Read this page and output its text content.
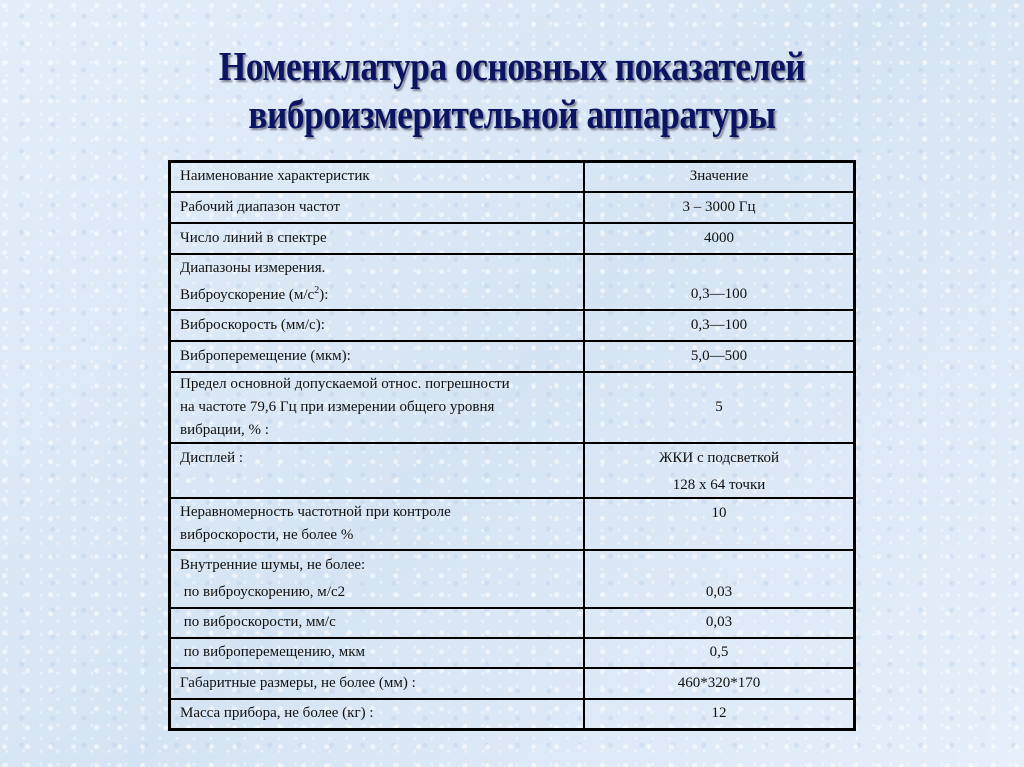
Номенклатура основных показателей
виброизмерительной аппаратуры
Наименование характеристик	Значение
Рабочий диапазон частот	3 – 3000 Гц
Число линий в спектре	4000

Диапазоны измерения.
Виброускорение $(м/с^2)$:	0,3—100
Виброскорость (мм/с):	0,3—100
Виброперемещение (мкм):	5,0—500

Предел основной допускаемой относ. погрешности
на частоте 79,6 Гц при измерении общего уровня
вибрации, % :	5
Дисплей :	ЖКИ с подсветкой
128 х 64 точки

Неравномерность частотной при контроле
виброскорости, не более %	10

Внутренние шумы, не более:
по виброускорению, м/с2	0,03
по виброскорости, мм/с	0,03
по виброперемещению, мкм	0,5
Габаритные размеры, не более (мм) :	460*320*170
Масса прибора, не более (кг) :	12
